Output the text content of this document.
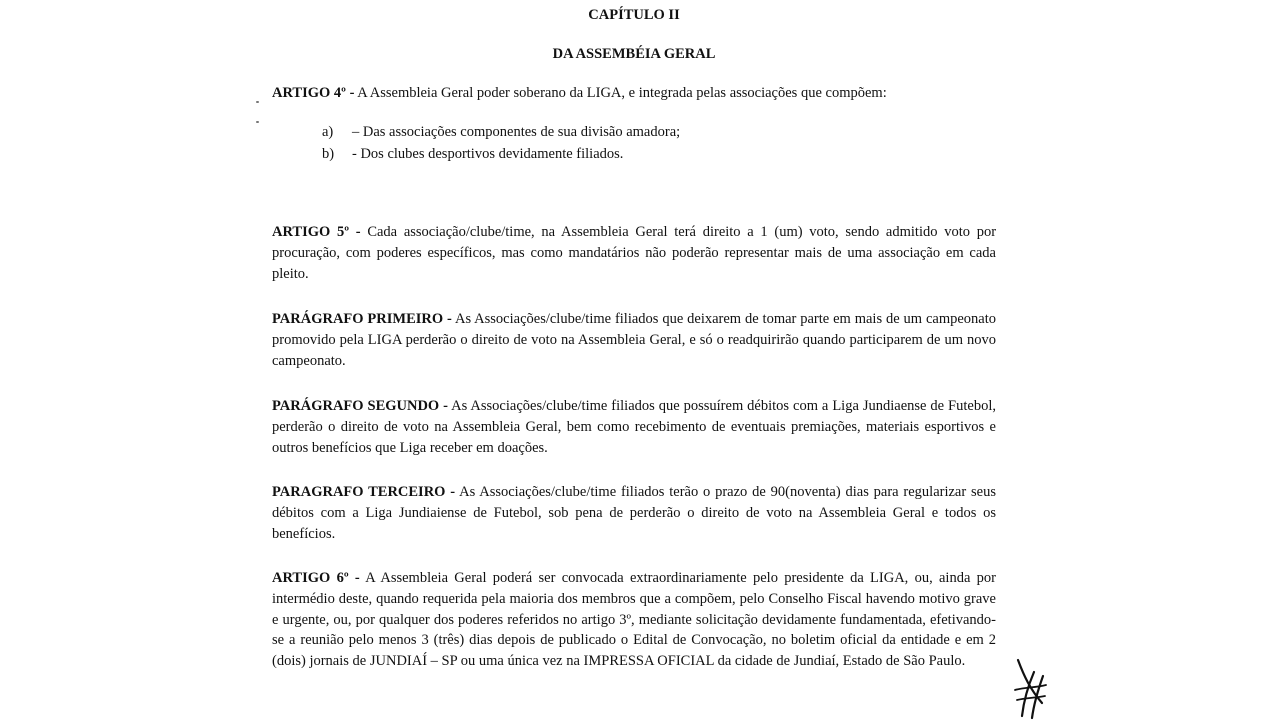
CAPÍTULO II
DA ASSEMBÉIA GERAL
ARTIGO 4º - A Assembleia Geral poder soberano da LIGA, e integrada pelas associações que compõem:
a)	– Das associações componentes de sua divisão amadora;
b) - Dos clubes desportivos devidamente filiados.
ARTIGO 5º - Cada associação/clube/time, na Assembleia Geral terá direito a 1 (um) voto, sendo admitido voto por procuração, com poderes específicos, mas como mandatários não poderão representar mais de uma associação em cada pleito.
PARÁGRAFO PRIMEIRO - As Associações/clube/time filiados que deixarem de tomar parte em mais de um campeonato promovido pela LIGA perderão o direito de voto na Assembleia Geral, e só o readquirirão quando participarem de um novo campeonato.
PARÁGRAFO SEGUNDO - As Associações/clube/time filiados que possuírem débitos com a Liga Jundiaense de Futebol, perderão o direito de voto na Assembleia Geral, bem como recebimento de eventuais premiações, materiais esportivos e outros benefícios que Liga receber em doações.
PARAGRAFO TERCEIRO - As Associações/clube/time filiados terão o prazo de 90(noventa) dias para regularizar seus débitos com a Liga Jundiaiense de Futebol, sob pena de perderão o direito de voto na Assembleia Geral e todos os benefícios.
ARTIGO 6º - A Assembleia Geral poderá ser convocada extraordinariamente pelo presidente da LIGA, ou, ainda por intermédio deste, quando requerida pela maioria dos membros que a compõem, pelo Conselho Fiscal havendo motivo grave e urgente, ou, por qualquer dos poderes referidos no artigo 3º, mediante solicitação devidamente fundamentada, efetivando-se a reunião pelo menos 3 (três) dias depois de publicado o Edital de Convocação, no boletim oficial da entidade e em 2 (dois) jornais de JUNDIAÍ – SP ou uma única vez na IMPRESSA OFICIAL da cidade de Jundiaí, Estado de São Paulo.
